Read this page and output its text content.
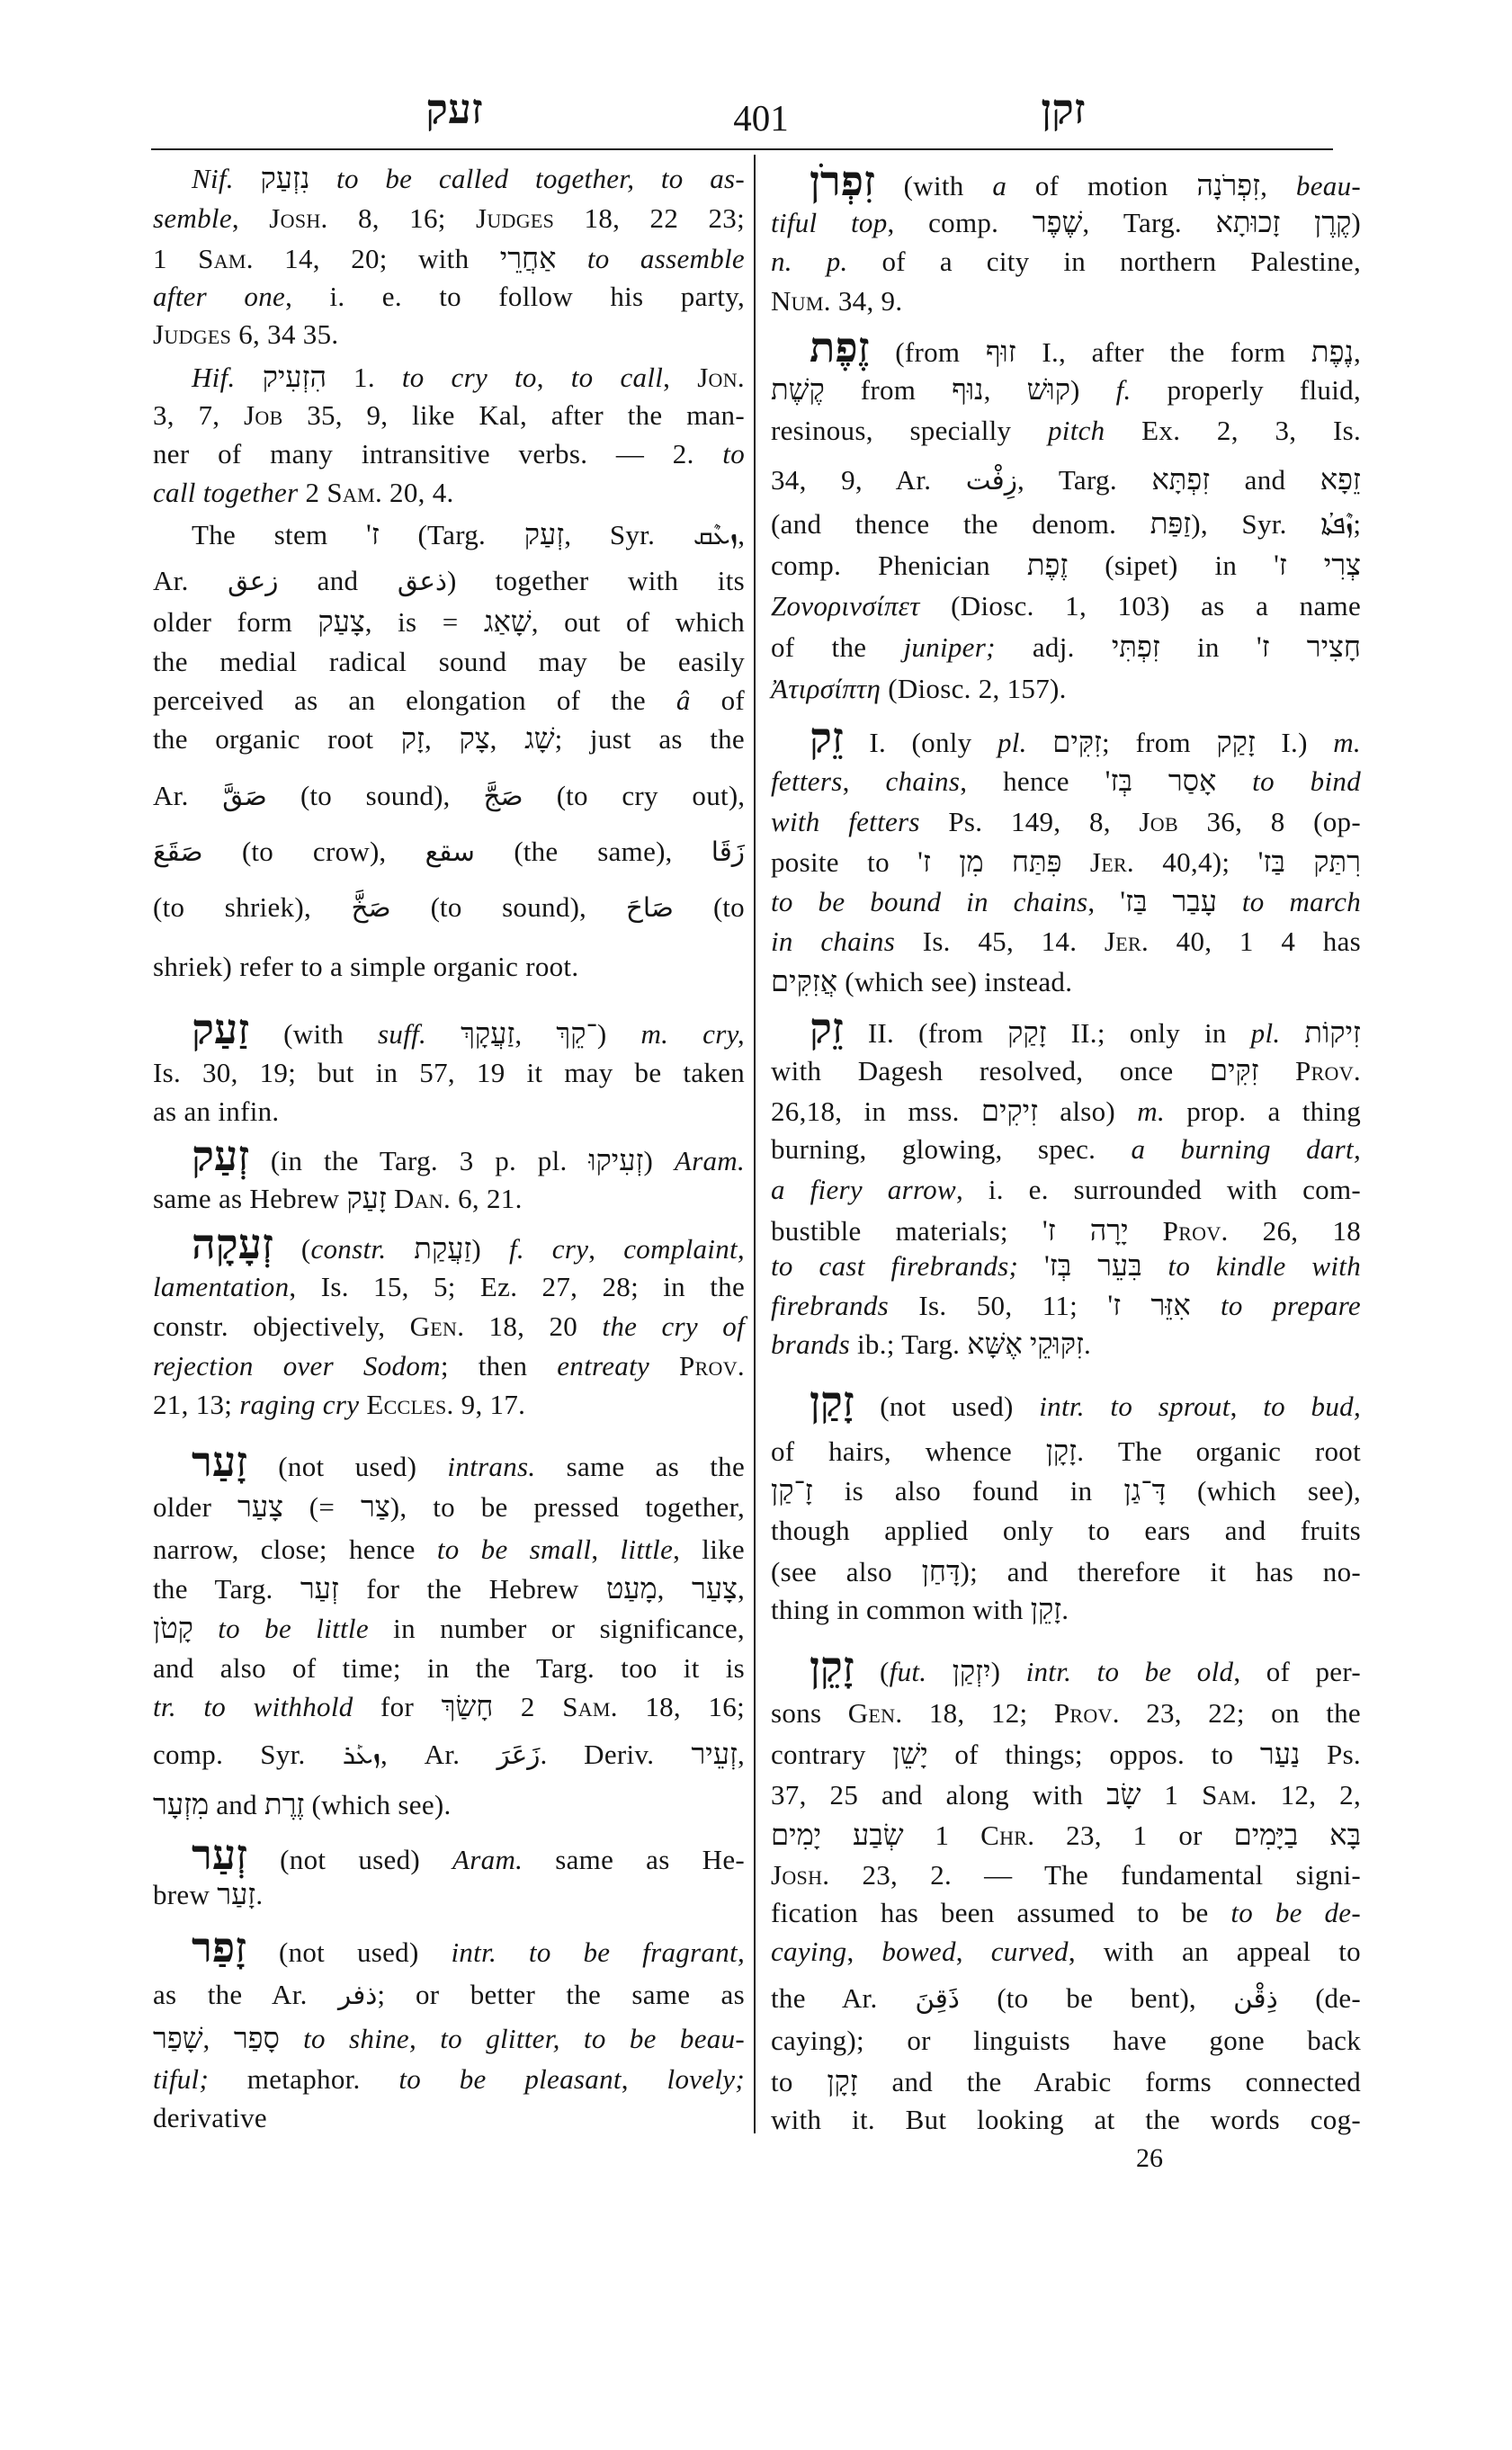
זעק	401	זקן
Nif. נִזְעַק to be called together, to as-
semble, Josh. 8, 16; Judges 18, 22 23;
1 Sam. 14, 20; with אַחֲרֵי to assemble
after one, i. e. to follow his party,
Judges 6, 34 35.
Hif. הִזְעִיק 1. to cry to, to call, Jon.
3, 7, Job 35, 9, like Kal, after the man-
ner of many intransitive verbs. — 2. to
call together 2 Sam. 20, 4.
The stem ז' (Targ. זְעַק, Syr. ܙܥܶܩ,
Ar. زعق and ذعق) together with its
older form צָעַק, is = שָׁאַג, out of which
the medial radical sound may be easily
perceived as an elongation of the â of
the organic root זָק, צָק, שָׁג; just as the
Ar. صَقَّ (to sound), صَجَّ (to cry out),
صَقَعَ (to crow), سقع (the same), زَقَا
(to shriek), صَخَّ (to sound), صَاحَ (to
shriek) refer to a simple organic root.
זַעַק (with suff. זַעֲקָךְ, ־קֵךְ) m. cry,
Is. 30, 19; but in 57, 19 it may be taken
as an infin.
זְעַק (in the Targ. 3 p. pl. זְעִיקוּ) Aram.
same as Hebrew זָעַק Dan. 6, 21.
זְעָקָה (constr. זַעֲקַת) f. cry, complaint,
lamentation, Is. 15, 5; Ez. 27, 28; in the
constr. objectively, Gen. 18, 20 the cry of
rejection over Sodom; then entreaty Prov.
21, 13; raging cry Eccles. 9, 17.
זָעַר (not used) intrans. same as the
older צָעַר (= צַר), to be pressed together,
narrow, close; hence to be small, little, like
the Targ. זְעַר for the Hebrew מָעַט, צָעַר,
קָטֹן to be little in number or significance,
and also of time; in the Targ. too it is
tr. to withhold for חָשַׂךְ 2 Sam. 18, 16;
comp. Syr. ܙܥܰܪ, Ar. زَعَرَ. Deriv. זְעֵיר,
מִזְעָר and זֶרֶת (which see).
זְעַר (not used) Aram. same as He-
brew זָעַר.
זָפַר (not used) intr. to be fragrant,
as the Ar. ذفر; or better the same as
שָׁפַר, סָפַר to shine, to glitter, to be beau-
tiful; metaphor. to be pleasant, lovely;
derivative
זִפְרֹן (with a of motion זִפְרֹנָה, beau-
tiful top, comp. שֶׁפֶר, Targ. קֶרֶן זָכוּתָא)
n. p. of a city in northern Palestine,
Num. 34, 9.
זֶפֶת (from זוּף I., after the form נֶפֶת,
קֶשֶׁת from נוּף, קוּשׁ) f. properly fluid,
resinous, specially pitch Ex. 2, 3, Is.
34, 9, Ar. زِفْت, Targ. זִפְתָּא and זֵפָא
(and thence the denom. זַפַּת), Syr. ܙܶܦܬܳܐ;
comp. Phenician זֶפֶת (sipet) in צְרִי ז'
Ζονορινσίπετ (Diosc. 1, 103) as a name
of the juniper; adj. זִפְתִּי in חָצִיר ז'
Ἀτιρσίπτη (Diosc. 2, 157).
זֵק I. (only pl. זִקִּים; from זָקַק I.) m.
fetters, chains, hence אָסַר בְּז' to bind
with fetters Ps. 149, 8, Job 36, 8 (op-
posite to פִּתַּח מִן ז' Jer. 40,4); רִתַּק בַּז'
to be bound in chains, עָבַר בַּז' to march
in chains Is. 45, 14. Jer. 40, 1 4 has
אֲזִקִּים (which see) instead.
זֵק II. (from זָקַק II.; only in pl. זִיקוֹת
with Dagesh resolved, once זִקִּים Prov.
26,18, in mss. זִיקִים also) m. prop. a thing
burning, glowing, spec. a burning dart,
a fiery arrow, i. e. surrounded with com-
bustible materials; יָרָה ז' Prov. 26, 18
to cast firebrands; בִּעֵר בְּז' to kindle with
firebrands Is. 50, 11; אִזֵּר ז' to prepare
brands ib.; Targ. זִקּוּקֵי אֶשָּׁא.
זָקַן (not used) intr. to sprout, to bud,
of hairs, whence זָקָן. The organic root
זָ־קַן is also found in דָּ־גַן (which see),
though applied only to ears and fruits
(see also דָּחַן); and therefore it has no-
thing in common with זָקֵן.
זָקֵן (fut. יִזְקַן) intr. to be old, of per-
sons Gen. 18, 12; Prov. 23, 22; on the
contrary יָשֵׁן of things; oppos. to נַעַר Ps.
37, 25 and along with שָׂב 1 Sam. 12, 2,
שְׂבַע יָמִים 1 Chr. 23, 1 or בָּא בַיָּמִים
Josh. 23, 2. — The fundamental signi-
fication has been assumed to be to be de-
caying, bowed, curved, with an appeal to
the Ar. ذَقِنَ (to be bent), ذِقْن (de-
caying); or linguists have gone back
to זָקָן and the Arabic forms connected
with it. But looking at the words cog-
26
